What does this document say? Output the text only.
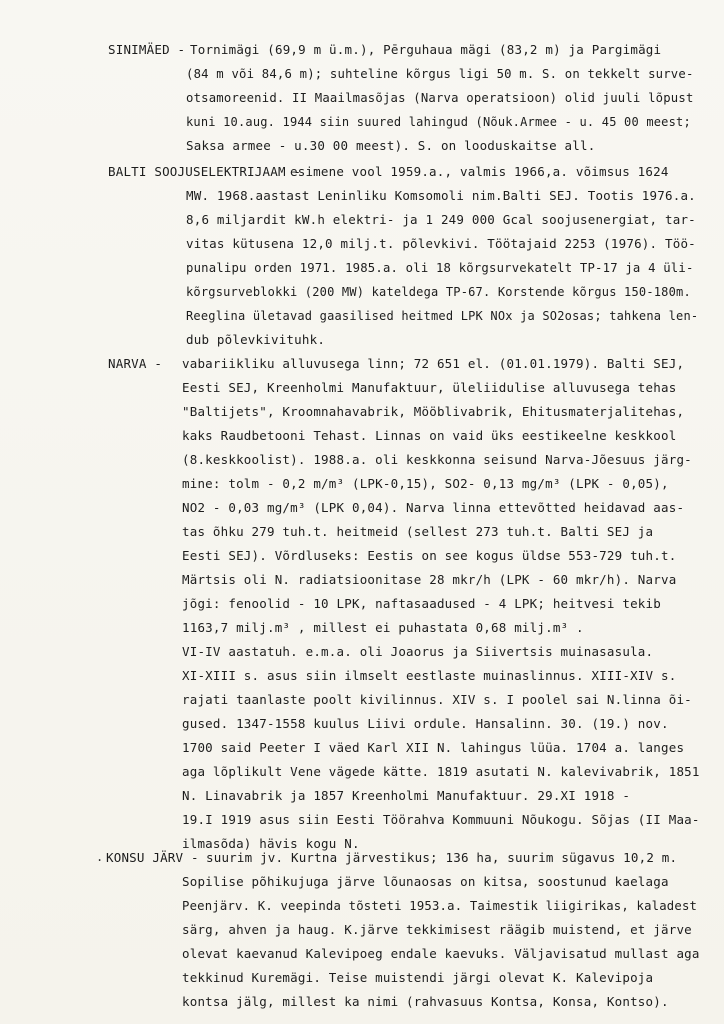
SINIMÄED - Tornimägi (69,9 m ü.m.), Pērguhaua mägi (83,2 m) ja Pargimägi
(84 m või 84,6 m); suhteline kõrgus ligi 50 m. S. on tekkelt surve-
otsamoreenid. II Maailmasõjas (Narva operatsioon) olid juuli lõpust
kuni 10.aug. 1944 siin suured lahingud (Nõuk.Armee - u. 45 00 meest;
Saksa armee - u.30 00 meest). S. on looduskaitse all.
BALTI SOOJUSELEKTRIJAAM -
esimene vool 1959.a., valmis 1966,a. võimsus 1624
MW. 1968.aastast Leninliku Komsomoli nim.Balti SEJ. Tootis 1976.a.
8,6 miljardit kW.h elektri- ja 1 249 000 Gcal soojusenergiat, tar-
vitas kütusena 12,0 milj.t. põlevkivi. Töötajaid 2253 (1976). Töö-
punalipu orden 1971. 1985.a. oli 18 kõrgsurvekatelt TP-17 ja 4 üli-
kõrgsurveblokki (200 MW) kateldega TP-67. Korstende kõrgus 150-180m.
Reeglina ületavad gaasilised heitmed LPK NOx ja SO2osas; tahkena len-
dub põlevkivituhk.
NARVA - vabariikliku alluvusega linn; 72 651 el. (01.01.1979). Balti SEJ,
Eesti SEJ, Kreenholmi Manufaktuur, üleliidulise alluvusega tehas
"Baltijets", Kroomnahavabrik, Mööblivabrik, Ehitusmaterjalitehas,
kaks Raudbetooni Tehast. Linnas on vaid üks eestikeelne keskkool
(8.keskkoolist). 1988.a. oli keskkonna seisund Narva-Jõesuus järg-
mine: tolm - 0,2 m/m³ (LPK-0,15), SO2- 0,13 mg/m³ (LPK - 0,05),
NO2 - 0,03 mg/m³ (LPK 0,04). Narva linna ettevõtted heidavad aas-
tas õhku 279 tuh.t. heitmeid (sellest 273 tuh.t. Balti SEJ ja
Eesti SEJ). Võrdluseks: Eestis on see kogus üldse 553-729 tuh.t.
Märtsis oli N. radiatsioonitase 28 mkr/h (LPK - 60 mkr/h). Narva
jõgi: fenoolid - 10 LPK, naftasaadused - 4 LPK; heitvesi tekib
1163,7 milj.m³ , millest ei puhastata 0,68 milj.m³ .
VI-IV aastatuh. e.m.a. oli Joaorus ja Siivertsis muinasasula.
XI-XIII s. asus siin ilmselt eestlaste muinaslinnus. XIII-XIV s.
rajati taanlaste poolt kivilinnus. XIV s. I poolel sai N.linna õi-
gused. 1347-1558 kuulus Liivi ordule. Hansalinn. 30. (19.) nov.
1700 said Peeter I väed Karl XII N. lahingus lüüa. 1704 a. langes
aga lõplikult Vene vägede kätte. 1819 asutati N. kalevivabrik, 1851
N. Linavabrik ja 1857 Kreenholmi Manufaktuur. 29.XI 1918 -
19.I 1919 asus siin Eesti Töörahva Kommuuni Nõukogu. Sõjas (II Maa-
ilmasõda) hävis kogu N.
. KONSU JÄRV - suurim jv. Kurtna järvestikus; 136 ha, suurim sügavus 10,2 m.
Sopilise põhikujuga järve lõunaosas on kitsa, soostunud kaelaga
Peenjärv. K. veepinda tõsteti 1953.a. Taimestik liigirikas, kaladest
särg, ahven ja haug. K.järve tekkimisest räägib muistend, et järve
olevat kaevanud Kalevipoeg endale kaevuks. Väljavisatud mullast aga
tekkinud Kuremägi. Teise muistendi järgi olevat K. Kalevipoja
kontsa jälg, millest ka nimi (rahvasuus Kontsa, Konsa, Kontso).
